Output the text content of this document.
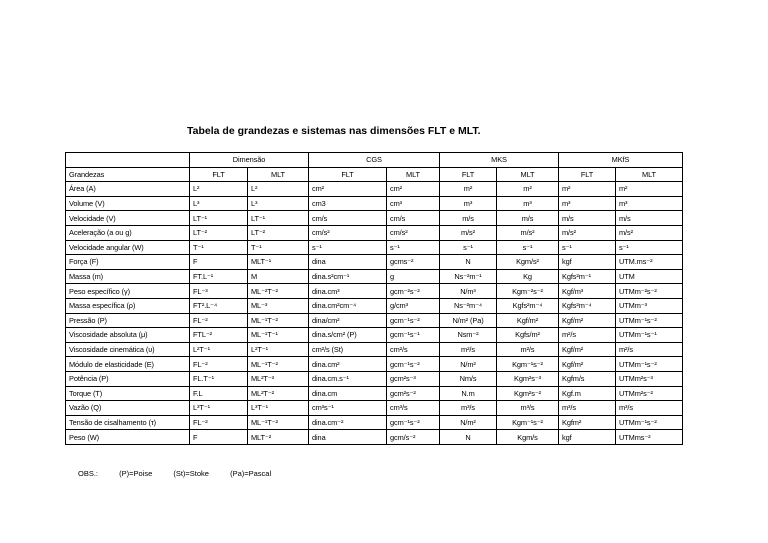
Tabela de grandezas e sistemas nas dimensões FLT e MLT.
	Dimensão		CGS		MKS		MKfS	
Grandezas	FLT	MLT	FLT	MLT	FLT	MLT	FLT	MLT
Área (A)	L²	L²	cm²	cm²	m²	m²	m²	m²
Volume (V)	L³	L³	cm3	cm³	m³	m³	m³	m³
Velocidade (V)	LT⁻¹	LT⁻¹	cm/s	cm/s	m/s	m/s	m/s	m/s
Aceleração (a ou g)	LT⁻²	LT⁻²	cm/s²	cm/s²	m/s²	m/s²	m/s²	m/s²
Velocidade angular (W)	T⁻¹	T⁻¹	s⁻¹	s⁻¹	s⁻¹	s⁻¹	s⁻¹	s⁻¹
Força (F)	F	MLT⁻¹	dina	gcms⁻²	N	Kgm/s²	kgf	UTM.ms⁻²
Massa (m)	FT.L⁻¹	M	dina.s²cm⁻¹	g	Ns⁻²m⁻¹	Kg	Kgfs²m⁻¹	UTM
Peso específico (γ)	FL⁻³	ML⁻²T⁻²	dina.cm³	gcm⁻²s⁻²	N/m³	Kgm⁻²s⁻²	Kgf/m³	UTMm⁻²s⁻²
Massa específica (ρ)	FT².L⁻⁴	ML⁻³	dina.cm²cm⁻⁴	g/cm³	Ns⁻²m⁻⁴	Kgfs²m⁻⁴	Kgfs²m⁻⁴	UTMm⁻³
Pressão (P)	FL⁻²	ML⁻¹T⁻²	dina/cm²	gcm⁻¹s⁻²	N/m² (Pa)	Kgf/m²	Kgf/m²	UTMm⁻¹s⁻²
Viscosidade absoluta (μ)	FTL⁻²	ML⁻¹T⁻¹	dina.s/cm² (P)	gcm⁻¹s⁻¹	Nsm⁻²	Kgfs/m²	m²/s	UTMm⁻¹s⁻¹
Viscosidade cinemática (υ)	L²T⁻¹	L²T⁻¹	cm²/s (St)	cm²/s	m²/s	m²/s	Kgf/m²	m²/s
Módulo de elasticidade (E)	FL⁻²	ML⁻¹T⁻²	dina.cm²	gcm⁻¹s⁻²	N/m²	Kgm⁻¹s⁻²	Kgf/m²	UTMm⁻¹s⁻²
Potência (P)	FL.T⁻¹	ML²T⁻³	dina.cm.s⁻¹	gcm²s⁻³	Nm/s	Kgm²s⁻³	Kgfm/s	UTMm²s⁻³
Torque (T)	F.L	ML²T⁻²	dina.cm	gcm²s⁻²	N.m	Kgm²s⁻²	Kgf.m	UTMm²s⁻²
Vazão (Q)	L³T⁻¹	L³T⁻¹	cm³s⁻¹	cm³/s	m³/s	m³/s	m³/s	m³/s
Tensão de cisalhamento (τ)	FL⁻²	ML⁻¹T⁻²	dina.cm⁻²	gcm⁻¹s⁻²	N/m²	Kgm⁻¹s⁻²	Kgfm²	UTMm⁻¹s⁻²
Peso (W)	F	MLT⁻²	dina	gcm/s⁻²	N	Kgm/s	kgf	UTMms⁻²
OBS.:	(P)=Poise	(St)=Stoke	(Pa)=Pascal
